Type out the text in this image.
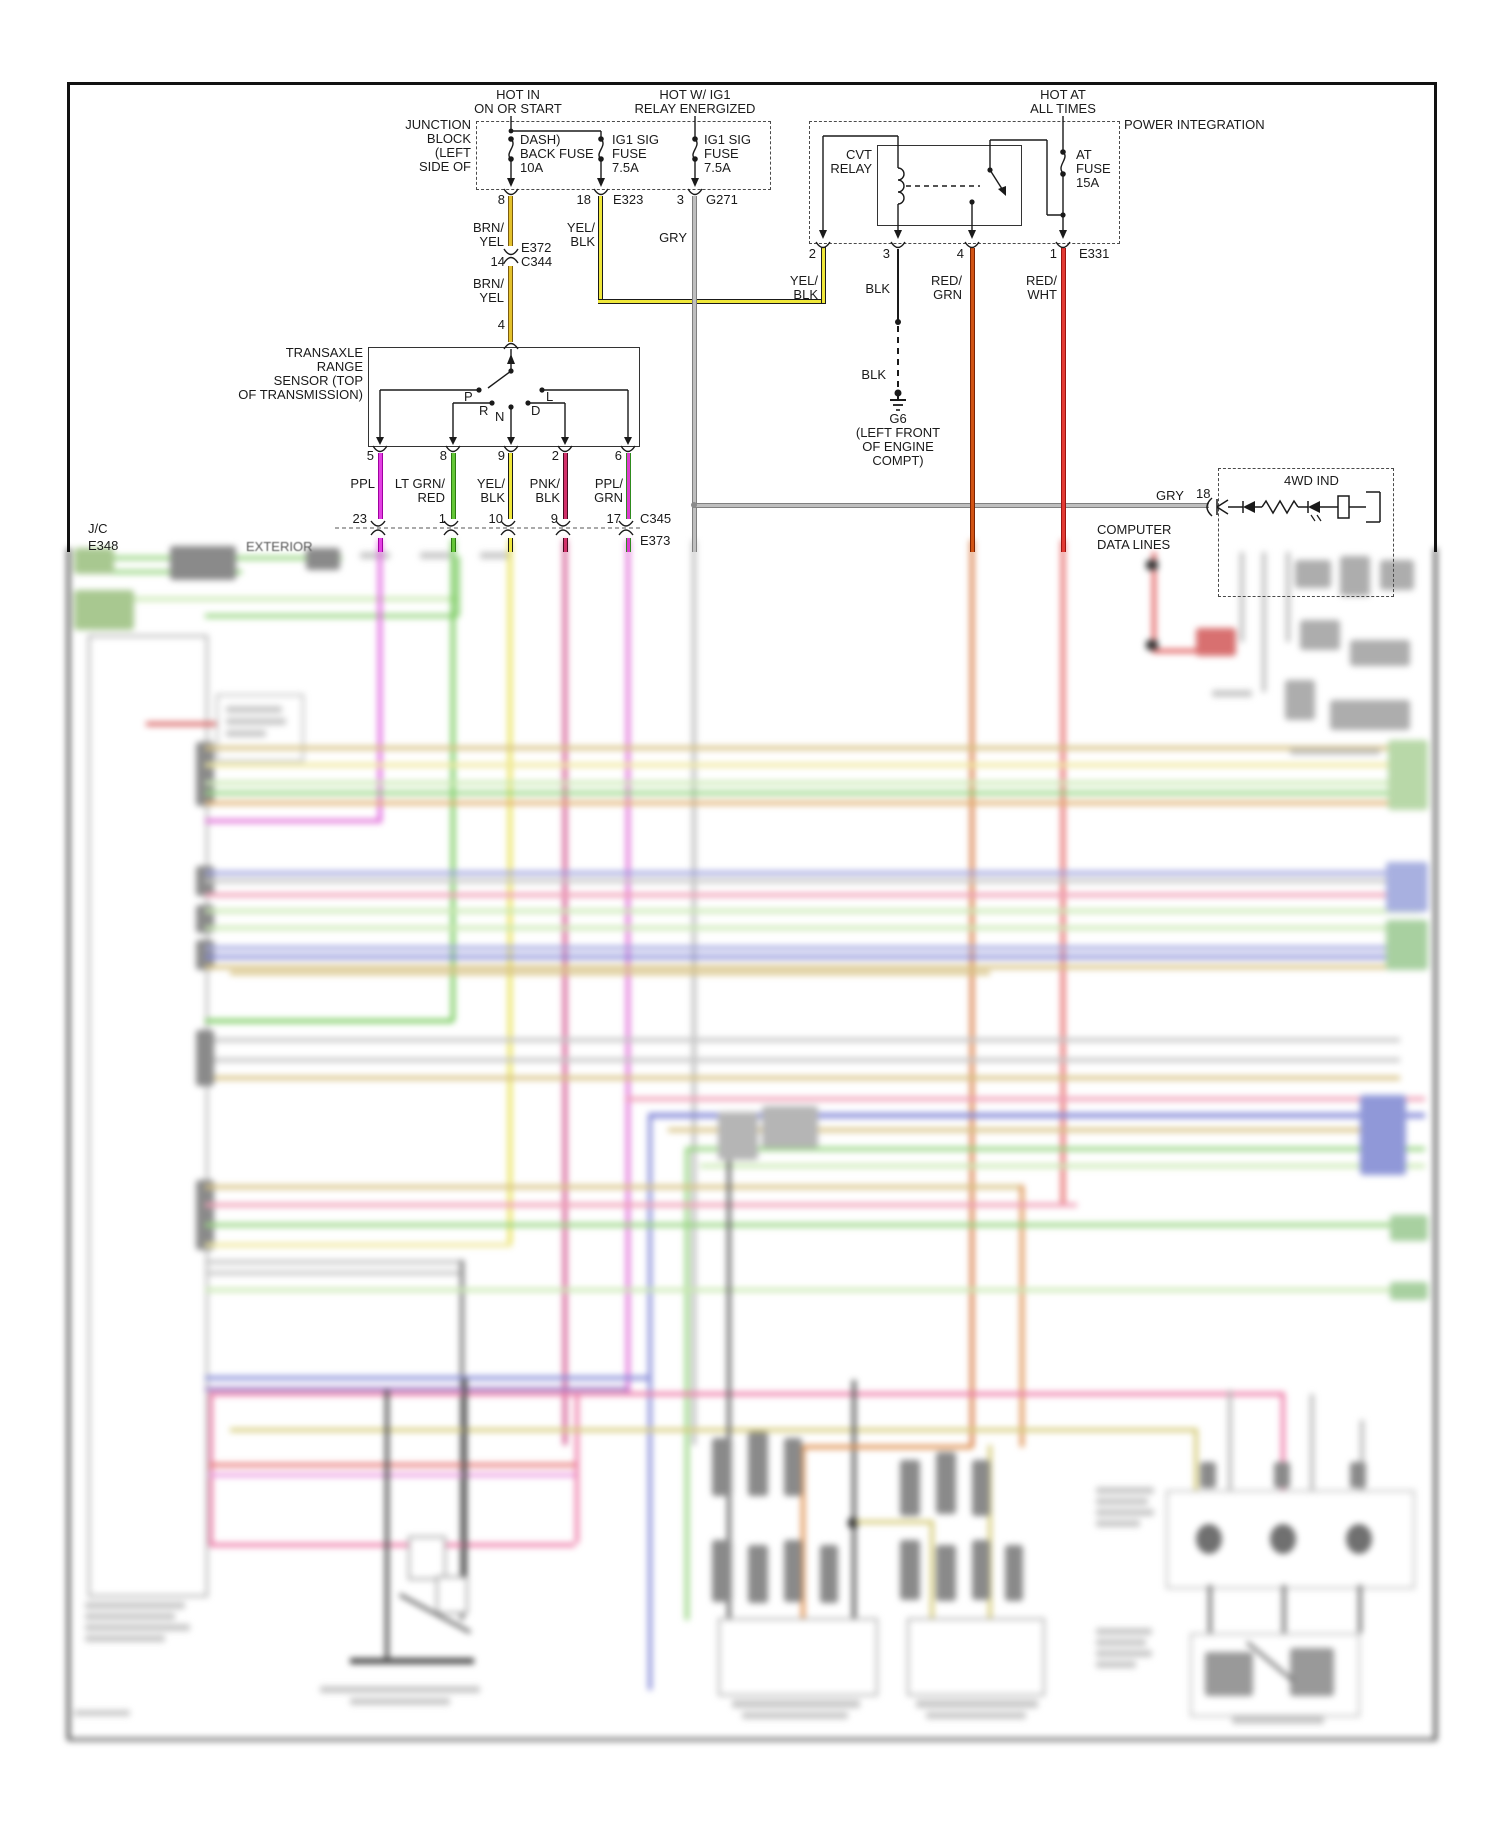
HOT IN
ON OR START
HOT W/ IG1
RELAY ENERGIZED
HOT AT
ALL TIMES
JUNCTION
BLOCK
(LEFT
SIDE OF
DASH)
BACK FUSE
10A
IG1 SIG
FUSE
7.5A
IG1 SIG
FUSE
7.5A
8	18 E323	3 G271
BRN/
YEL
YEL/
BLK	GRY
E372
14 C344
BRN/
YEL
4
TRANSAXLE
RANGE
SENSOR (TOP
OF TRANSMISSION)	P
R N D
L
5	8	9	2	6
PPL	LT GRN/
RED
YEL/
BLK
PNK/
BLK
PPL/
GRN
23	1	10	9	17 C345
E373
J/C
E348
POWER INTEGRATION
CVT
RELAY
AT
FUSE
15A
2	3	4	1 E331
YEL/
BLK	BLK
RED/
GRN
RED/
WHT
BLK
G6
(LEFT FRONT
OF ENGINE
COMPT)
GRY 18
4WD IND
COMPUTER
DATA LINES
EXTERIOR
